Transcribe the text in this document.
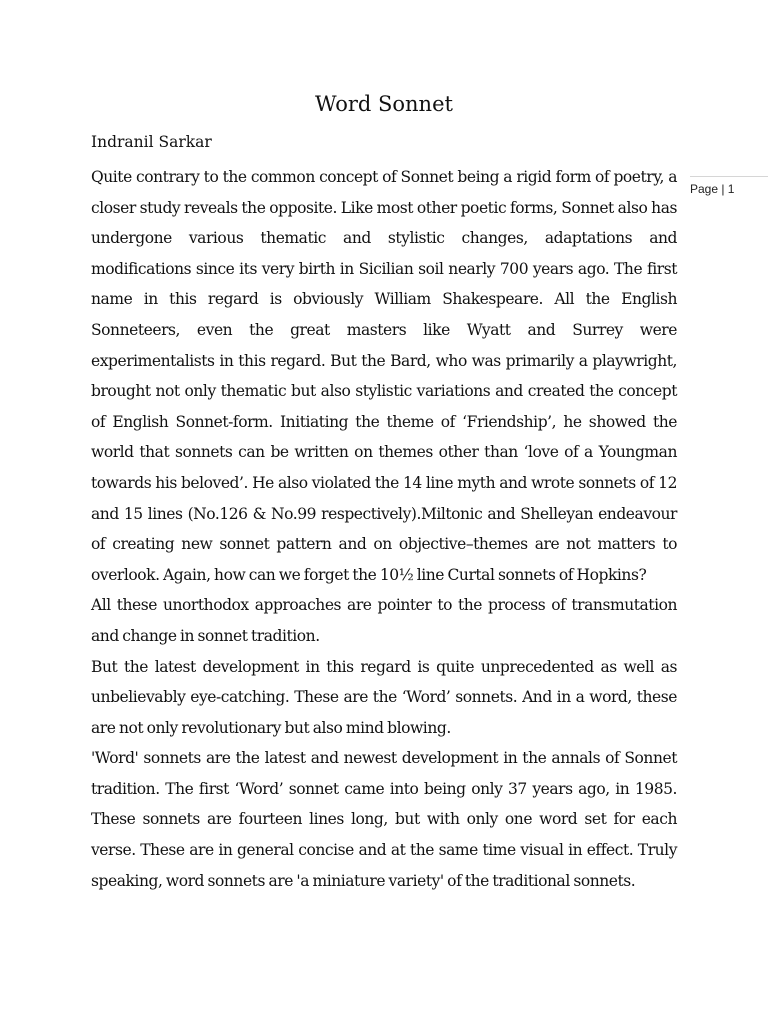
Word Sonnet
Indranil Sarkar
Page | 1

Quite contrary to the common concept of Sonnet being a rigid form of poetry, a closer study reveals the opposite. Like most other poetic forms, Sonnet also has undergone various thematic and stylistic changes, adaptations and modifications since its very birth in Sicilian soil nearly 700 years ago. The first name in this regard is obviously William Shakespeare. All the English Sonneteers, even the great masters like Wyatt and Surrey were experimentalists in this regard. But the Bard, who was primarily a playwright, brought not only thematic but also stylistic variations and created the concept of English Sonnet-form. Initiating the theme of ‘Friendship’, he showed the world that sonnets can be written on themes other than ‘love of a Youngman towards his beloved’. He also violated the 14 line myth and wrote sonnets of 12 and 15 lines (No.126 & No.99 respectively).Miltonic and Shelleyan endeavour of creating new sonnet pattern and on objective–themes are not matters to overlook. Again, how can we forget the 10½ line Curtal sonnets of Hopkins?

All these unorthodox approaches are pointer to the process of transmutation and change in sonnet tradition.

But the latest development in this regard is quite unprecedented as well as unbelievably eye-catching. These are the ‘Word’ sonnets. And in a word, these are not only revolutionary but also mind blowing.

'Word' sonnets are the latest and newest development in the annals of Sonnet tradition. The first ‘Word’ sonnet came into being only 37 years ago, in 1985. These sonnets are fourteen lines long, but with only one word set for each verse. These are in general concise and at the same time visual in effect. Truly speaking, word sonnets are 'a miniature variety' of the traditional sonnets.
